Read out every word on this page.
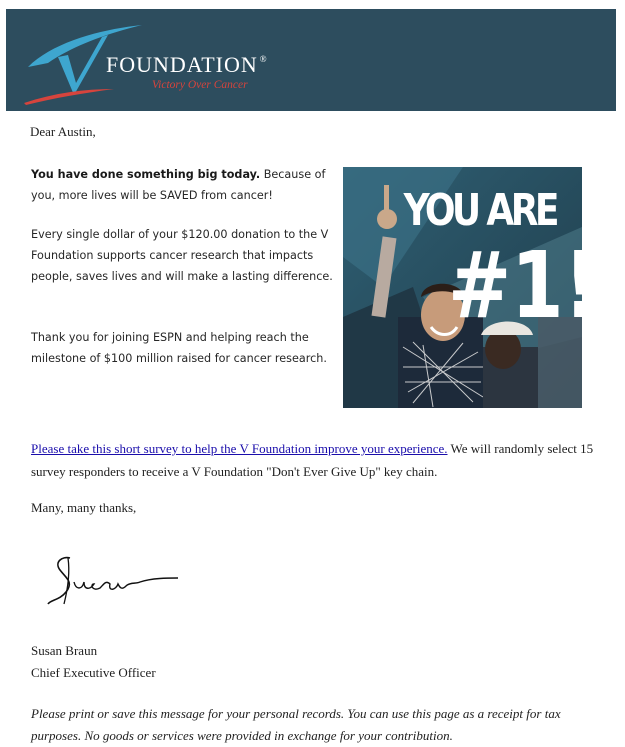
FOUNDATION ®
Victory Over Cancer
Dear Austin,
You have done something big today. Because of you, more lives will be SAVED from cancer!
Every single dollar of your $120.00 donation to the V Foundation supports cancer research that impacts people, saves lives and will make a lasting difference.
Thank you for joining ESPN and helping reach the milestone of $100 million raised for cancer research.
YOU ARE
#1!
Please take this short survey to help the V Foundation improve your experience. We will randomly select 15 survey responders to receive a V Foundation "Don't Ever Give Up" key chain.
Many, many thanks,
Susan Braun
Chief Executive Officer
Please print or save this message for your personal records. You can use this page as a receipt for tax purposes. No goods or services were provided in exchange for your contribution.
